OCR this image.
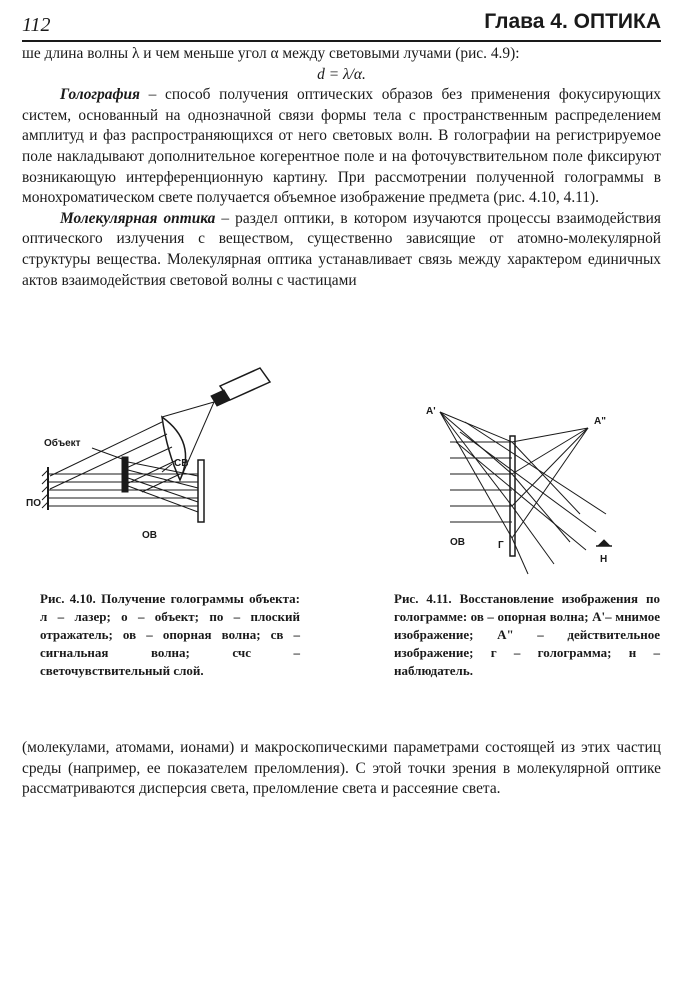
112	Глава 4. ОПТИКА

ше длина волны λ и чем меньше угол α между световыми лучами (рис. 4.9):

d = λ/α.

Голография – способ получения оптических образов без применения фокусирующих систем, основанный на однозначной связи формы тела с пространственным распределением амплитуд и фаз распространяющихся от него световых волн. В голографии на регистрируемое поле накладывают дополнительное когерентное поле и на фоточувствительном поле фиксируют возникающую интерференционную картину. При рассмотрении полученной голограммы в монохроматическом свете получается объемное изображение предмета (рис. 4.10, 4.11).

Молекулярная оптика – раздел оптики, в котором изучаются процессы взаимодействия оптического излучения с веществом, существенно зависящие от атомно-молекулярной структуры вещества. Молекулярная оптика устанавливает связь между характером единичных актов взаимодействия световой волны с частицами

Объект
СВ
ПО
ОВ
Рис. 4.10. Получение голограммы объекта: л – лазер; о – объект; по – плоский отражатель; ов – опорная волна; св – сигнальная волна; счс – светочувствительный слой.
А'
А"
ОВ	Г
Н
Рис. 4.11. Восстановление изображения по голограмме: ов – опорная волна; А'– мнимое изображение; А" – действительное изображение; г – голограмма; н – наблюдатель.

(молекулами, атомами, ионами) и макроскопическими параметрами состоящей из этих частиц среды (например, ее показателем преломления). С этой точки зрения в молекулярной оптике рассматриваются дисперсия света, преломление света и рассеяние света.
